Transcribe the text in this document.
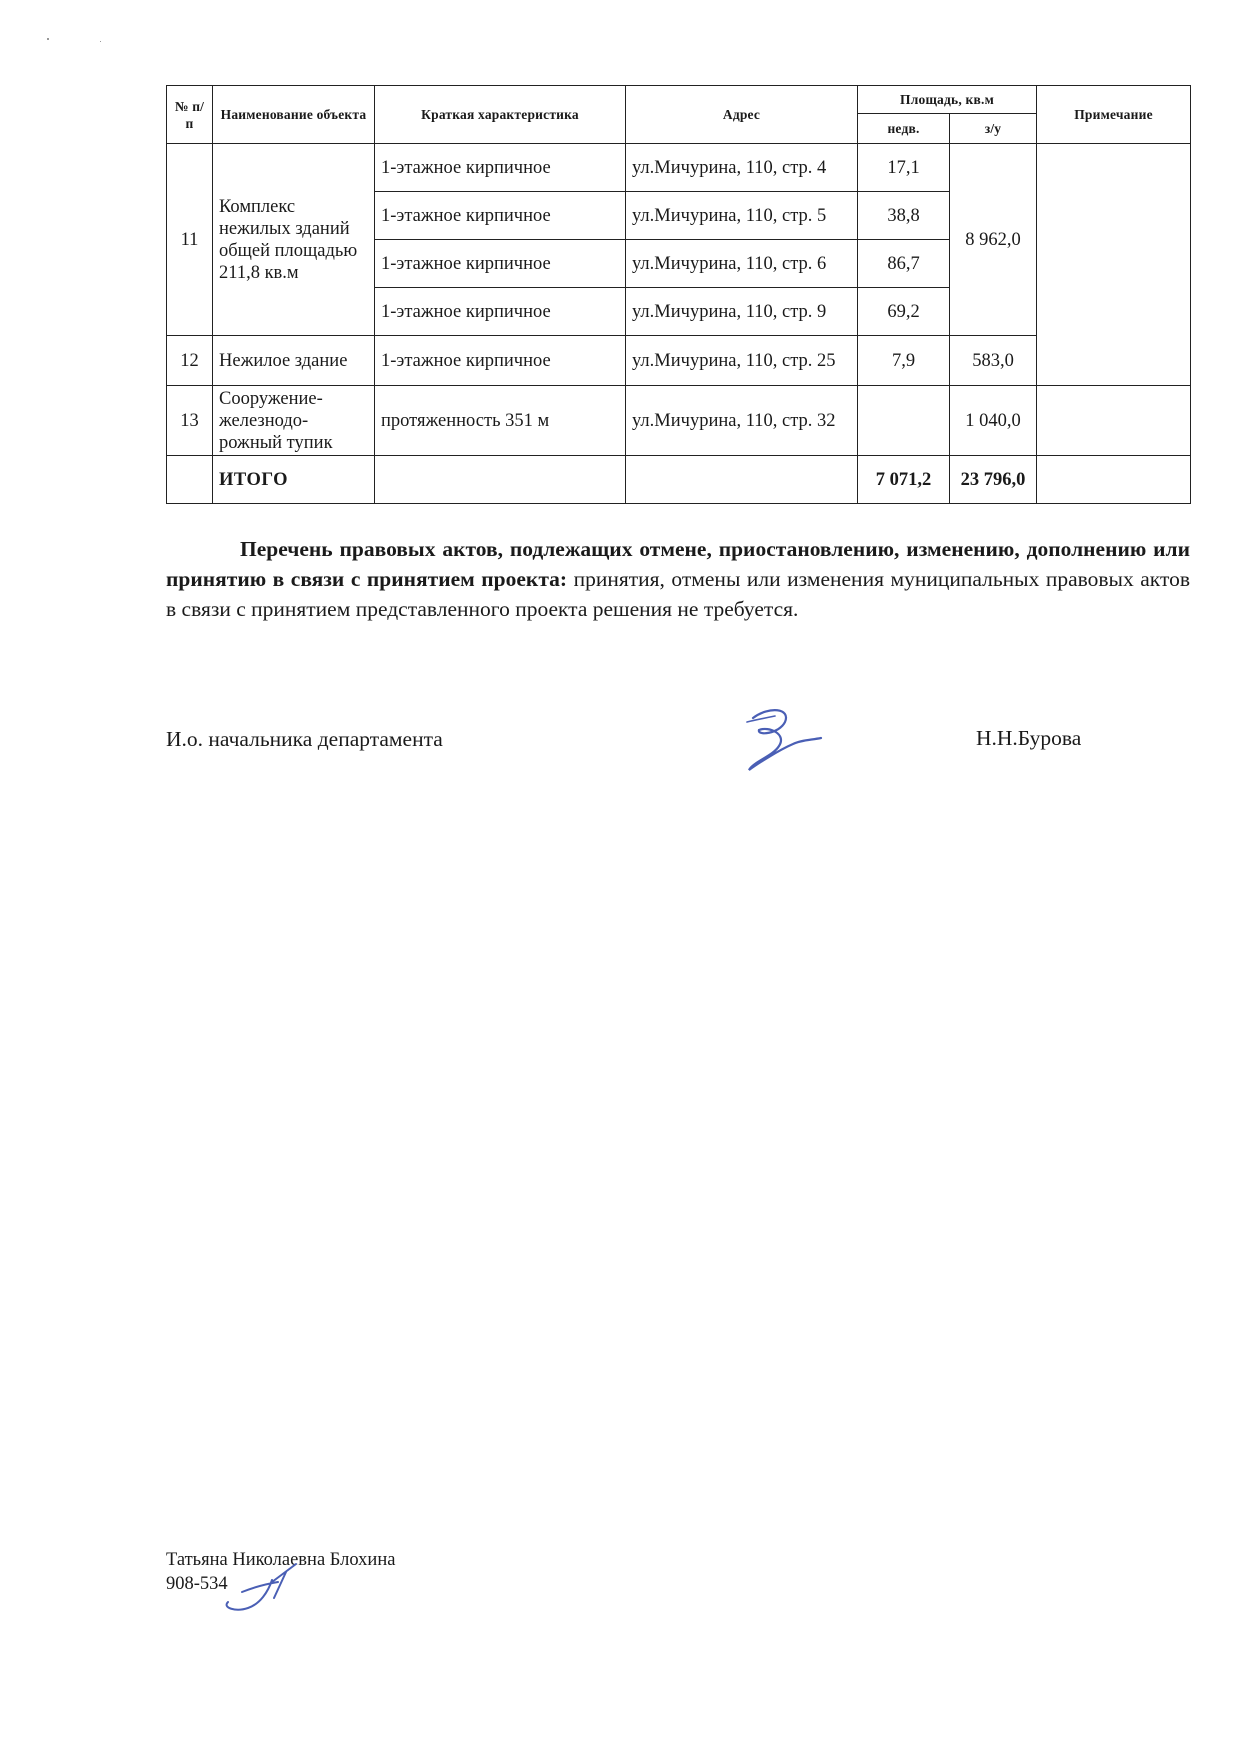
№ п/п	Наименование объекта	Краткая характеристика	Адрес	Площадь, кв.м		Примечание
				недв.	з/у	
11	Комплекс нежилых зданий общей площадью 211,8 кв.м	1-этажное кирпичное	ул.Мичурина, 110, стр. 4	17,1	8 962,0	
		1-этажное кирпичное	ул.Мичурина, 110, стр. 5	38,8		
		1-этажное кирпичное	ул.Мичурина, 110, стр. 6	86,7		
		1-этажное кирпичное	ул.Мичурина, 110, стр. 9	69,2		
12	Нежилое здание	1-этажное кирпичное	ул.Мичурина, 110, стр. 25	7,9	583,0	
13	Сооружение-железнодо-рожный тупик	протяженность 351 м	ул.Мичурина, 110, стр. 32		1 040,0	
	ИТОГО			7 071,2	23 796,0	

Перечень правовых актов, подлежащих отмене, приостановлению, изменению, дополнению или принятию в связи с принятием проекта: принятия, отмены или изменения муниципальных правовых актов в связи с принятием представленного проекта решения не требуется.

И.о. начальника департамента	Н.Н.Бурова
Татьяна Николаевна Блохина
908-534
